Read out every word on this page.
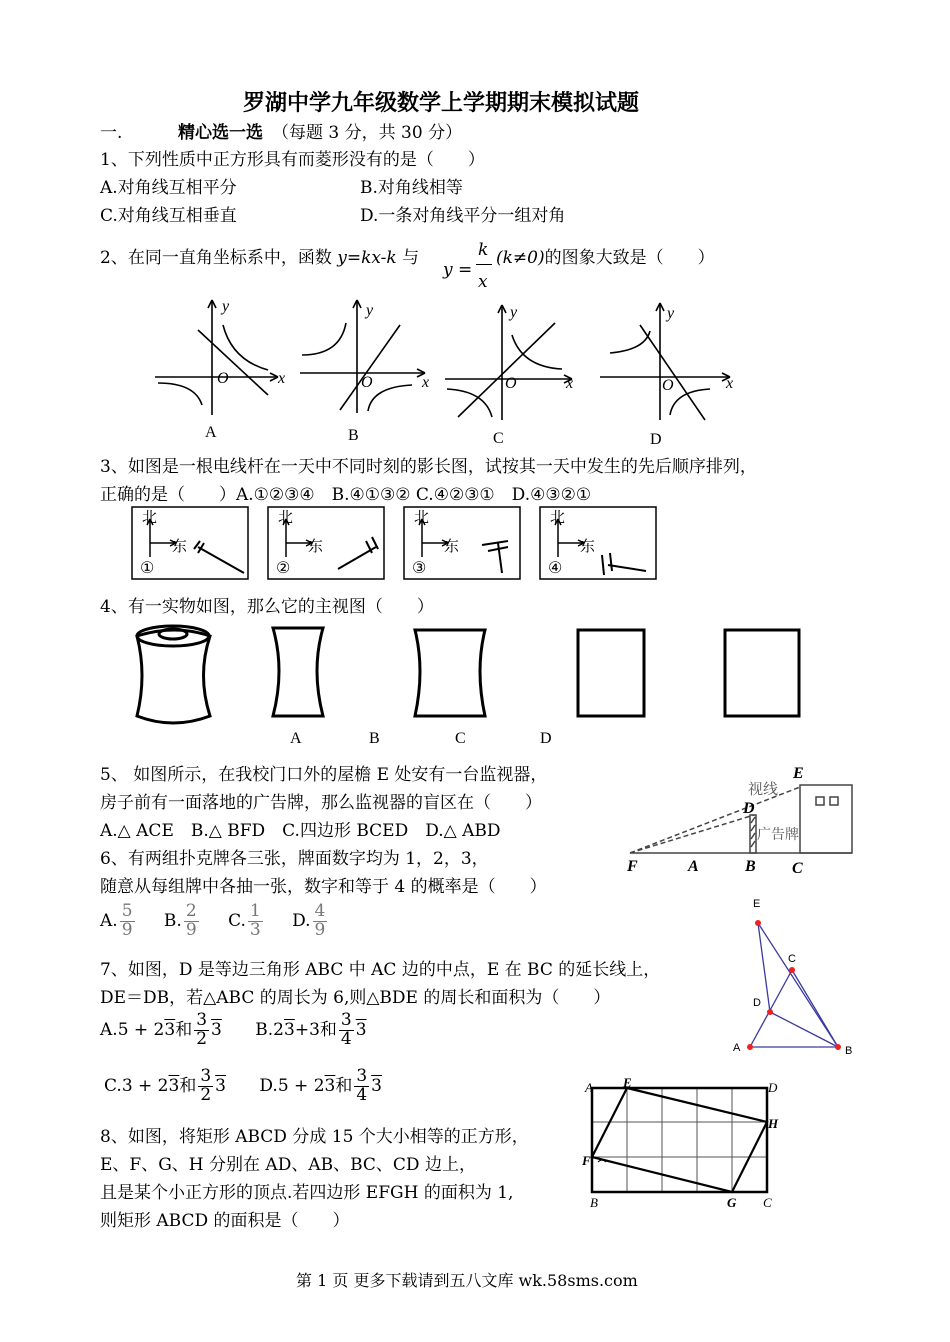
罗湖中学九年级数学上学期期末模拟试题
一.	精心选一选 （每题 3 分，共 30 分）
1、下列性质中正方形具有而菱形没有的是（　　）
A.对角线互相平分	B.对角线相等
C.对角线互相垂直	D.一条对角线平分一组对角
2、在同一直角坐标系中，函数 y=kx-k 与
y =
k
x
(k≠0)的图象大致是（　　）
y
O	x
y
O	x
y
O	x
y
O	x
A	B	C	D
3、如图是一根电线杆在一天中不同时刻的影长图，试按其一天中发生的先后顺序排列，
正确的是（　　）A.①②③④　B.④①③② C.④②③①　D.④③②①
北
东
①
北
东
②
北
东
③
北
东
④
4、有一实物如图，那么它的主视图（　　）
A	B	C	D
5、 如图所示，在我校门口外的屋檐 E 处安有一台监视器，
房子前有一面落地的广告牌，那么监视器的盲区在（　　）
A.△ ACE　B.△ BFD　C.四边形 BCED　D.△ ABD
视线
广告牌
E
D
F	A	B C
6、有两组扑克牌各三张，牌面数字均为 1，2，3，
随意从每组牌中各抽一张，数字和等于 4 的概率是（　　）
A. $\frac{5}{9} B$. $\frac{2}{9} C$. $\frac{1}{3} D$. $\frac{4}{9}$
7、如图，D 是等边三角形 ABC 中 AC 边的中点，E 在 BC 的延长线上，
DE＝DB，若△ABC 的周长为 6,则△BDE 的周长和面积为（　　）
A.5 + 23和 $\frac{3}{2} 3$ B.23+3和 $\frac{3}{4} 3$
C.3 + 23和 $\frac{3}{2} 3$ D.5 + 23和 $\frac{3}{4} 3$
E
C
D
A	B
8、如图，将矩形 ABCD 分成 15 个大小相等的正方形，
E、F、G、H 分别在 AD、AB、BC、CD 边上，
且是某个小正方形的顶点.若四边形 EFGH 的面积为 1,
则矩形 ABCD 的面积是（　　）
A E	D
H
F
B	G C
第 1 页 更多下载请到五八文库 wk.58sms.com
